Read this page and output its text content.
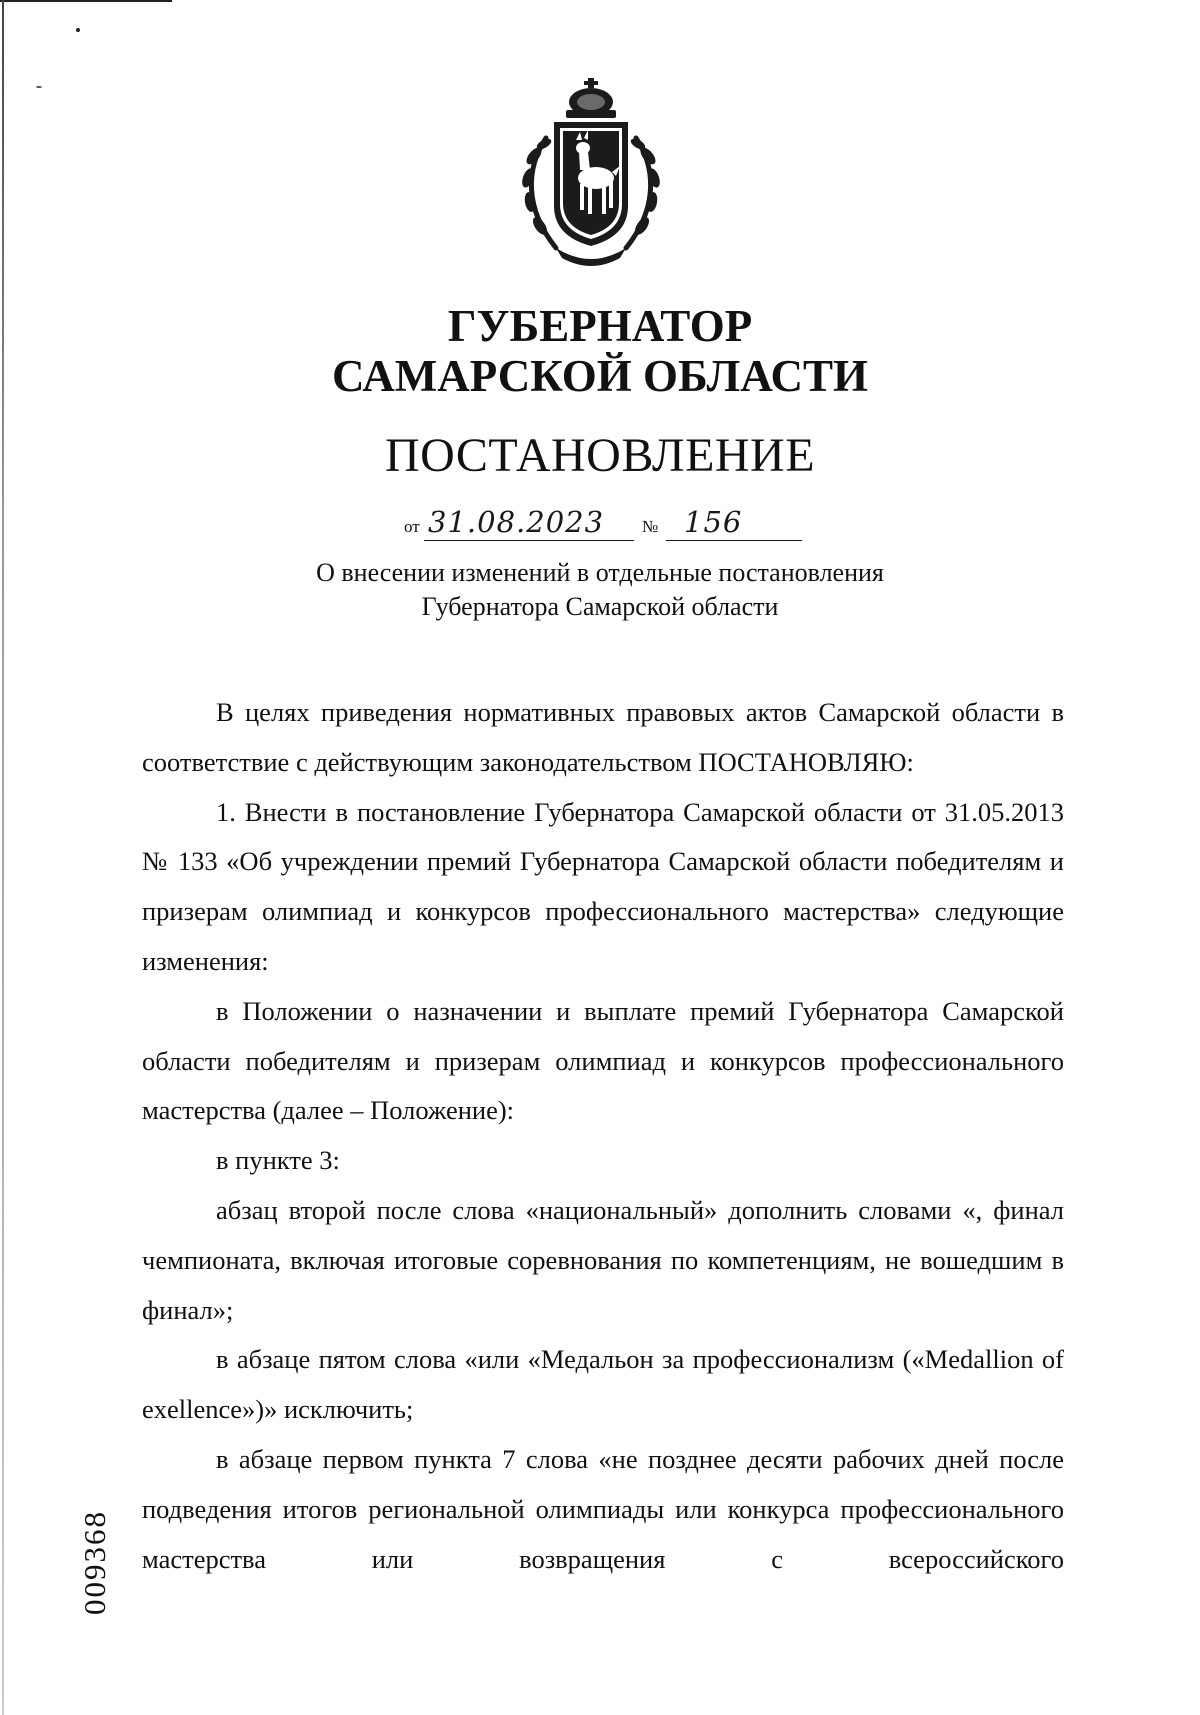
ГУБЕРНАТОР
САМАРСКОЙ ОБЛАСТИ
ПОСТАНОВЛЕНИЕ
от 31.08.2023 № 156
О внесении изменений в отдельные постановления
Губернатора Самарской области

В целях приведения нормативных правовых актов Самарской области в соответствие с действующим законодательством ПОСТАНОВЛЯЮ:

1. Внести в постановление Губернатора Самарской области от 31.05.2013 № 133 «Об учреждении премий Губернатора Самарской области победителям и призерам олимпиад и конкурсов профессионального мастерства» следующие изменения:

в Положении о назначении и выплате премий Губернатора Самарской области победителям и призерам олимпиад и конкурсов профессионального мастерства (далее – Положение):

в пункте 3:

абзац второй после слова «национальный» дополнить словами «, финал чемпионата, включая итоговые соревнования по компетенциям, не вошедшим в финал»;

в абзаце пятом слова «или «Медальон за профессионализм («Medallion of exellence»)» исключить;

в абзаце первом пункта 7 слова «не позднее десяти рабочих дней после подведения итогов региональной олимпиады или конкурса профессионального мастерства или возвращения с всероссийского

009368
